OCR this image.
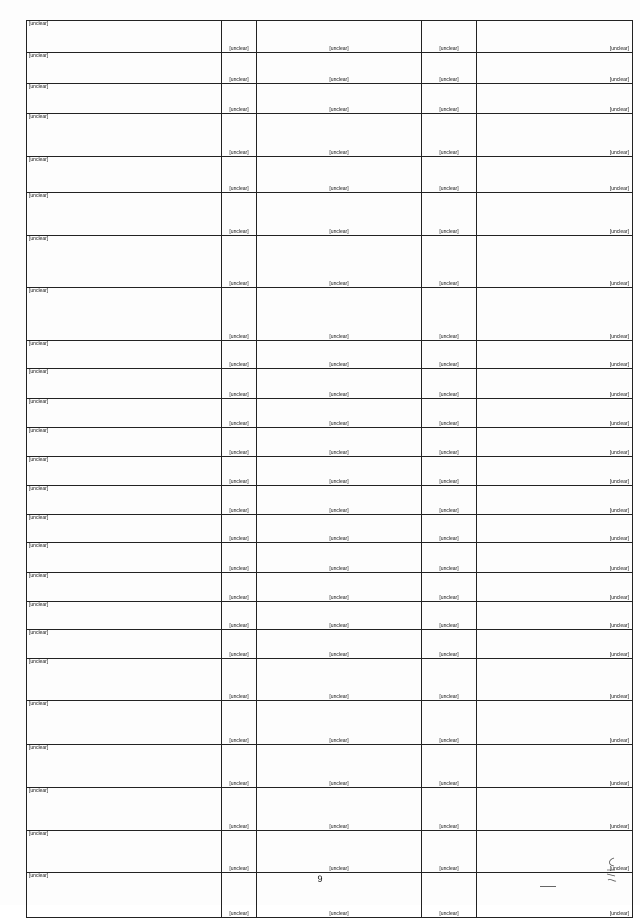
[unclear]	[unclear]	[unclear]	[unclear]	[unclear]

[unclear]	[unclear]	[unclear]	[unclear]	[unclear]

[unclear]	[unclear]	[unclear]	[unclear]	[unclear]

[unclear]	[unclear]	[unclear]	[unclear]	[unclear]

[unclear]	[unclear]	[unclear]	[unclear]	[unclear]

[unclear]	[unclear]	[unclear]	[unclear]	[unclear]

[unclear]	[unclear]	[unclear]	[unclear]	[unclear]

[unclear]	[unclear]	[unclear]	[unclear]	[unclear]

[unclear]	[unclear]	[unclear]	[unclear]	[unclear]

[unclear]	[unclear]	[unclear]	[unclear]	[unclear]

[unclear]	[unclear]	[unclear]	[unclear]	[unclear]

[unclear]	[unclear]	[unclear]	[unclear]	[unclear]

[unclear]	[unclear]	[unclear]	[unclear]	[unclear]

[unclear]	[unclear]	[unclear]	[unclear]	[unclear]

[unclear]	[unclear]	[unclear]	[unclear]	[unclear]

[unclear]	[unclear]	[unclear]	[unclear]	[unclear]

[unclear]	[unclear]	[unclear]	[unclear]	[unclear]

[unclear]	[unclear]	[unclear]	[unclear]	[unclear]

[unclear]	[unclear]	[unclear]	[unclear]	[unclear]

[unclear]	[unclear]	[unclear]	[unclear]	[unclear]

[unclear]	[unclear]	[unclear]	[unclear]	[unclear]

[unclear]	[unclear]	[unclear]	[unclear]	[unclear]

[unclear]	[unclear]	[unclear]	[unclear]	[unclear]

[unclear]	[unclear]	[unclear]	[unclear]	[unclear]

[unclear]	[unclear]	[unclear]	[unclear]	[unclear]
9
